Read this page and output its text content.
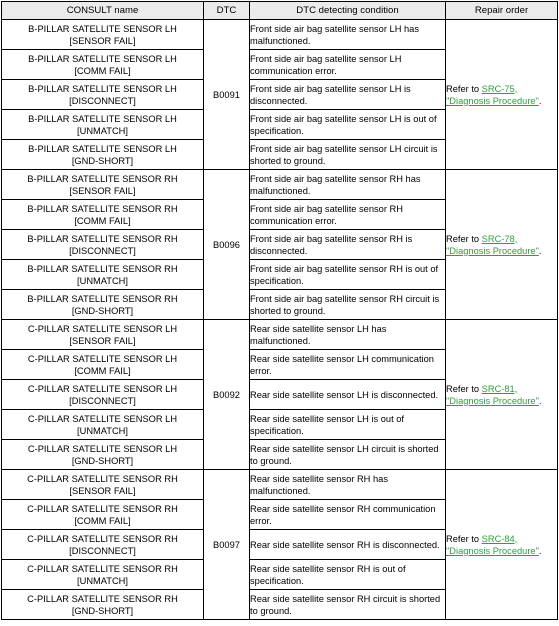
CONSULT name	DTC	DTC detecting condition	Repair order

B-PILLAR SATELLITE SENSOR LH
[SENSOR FAIL]	B0091	Front side air bag satellite sensor LH has malfunctioned.	Refer to SRC-75, "Diagnosis Procedure".

B-PILLAR SATELLITE SENSOR LH
[COMM FAIL]		Front side air bag satellite sensor LH communication error.	

B-PILLAR SATELLITE SENSOR LH
[DISCONNECT]		Front side air bag satellite sensor LH is disconnected.	

B-PILLAR SATELLITE SENSOR LH
[UNMATCH]		Front side air bag satellite sensor LH is out of specification.	

B-PILLAR SATELLITE SENSOR LH
[GND-SHORT]		Front side air bag satellite sensor LH circuit is shorted to ground.	

B-PILLAR SATELLITE SENSOR RH
[SENSOR FAIL]	B0096	Front side air bag satellite sensor RH has malfunctioned.	Refer to SRC-78, "Diagnosis Procedure".

B-PILLAR SATELLITE SENSOR RH
[COMM FAIL]		Front side air bag satellite sensor RH communication error.	

B-PILLAR SATELLITE SENSOR RH
[DISCONNECT]		Front side air bag satellite sensor RH is disconnected.	

B-PILLAR SATELLITE SENSOR RH
[UNMATCH]		Front side air bag satellite sensor RH is out of specification.	

B-PILLAR SATELLITE SENSOR RH
[GND-SHORT]		Front side air bag satellite sensor RH circuit is shorted to ground.	

C-PILLAR SATELLITE SENSOR LH
[SENSOR FAIL]	B0092	Rear side satellite sensor LH has malfunctioned.	Refer to SRC-81, "Diagnosis Procedure".

C-PILLAR SATELLITE SENSOR LH
[COMM FAIL]		Rear side satellite sensor LH communication error.	

C-PILLAR SATELLITE SENSOR LH
[DISCONNECT]		Rear side satellite sensor LH is disconnected.	

C-PILLAR SATELLITE SENSOR LH
[UNMATCH]		Rear side satellite sensor LH is out of specification.	

C-PILLAR SATELLITE SENSOR LH
[GND-SHORT]		Rear side satellite sensor LH circuit is shorted to ground.	

C-PILLAR SATELLITE SENSOR RH
[SENSOR FAIL]	B0097	Rear side satellite sensor RH has malfunctioned.	Refer to SRC-84, "Diagnosis Procedure".

C-PILLAR SATELLITE SENSOR RH
[COMM FAIL]		Rear side satellite sensor RH communication error.	

C-PILLAR SATELLITE SENSOR RH
[DISCONNECT]		Rear side satellite sensor RH is disconnected.	

C-PILLAR SATELLITE SENSOR RH
[UNMATCH]		Rear side satellite sensor RH is out of specification.	

C-PILLAR SATELLITE SENSOR RH
[GND-SHORT]		Rear side satellite sensor RH circuit is shorted to ground.	
